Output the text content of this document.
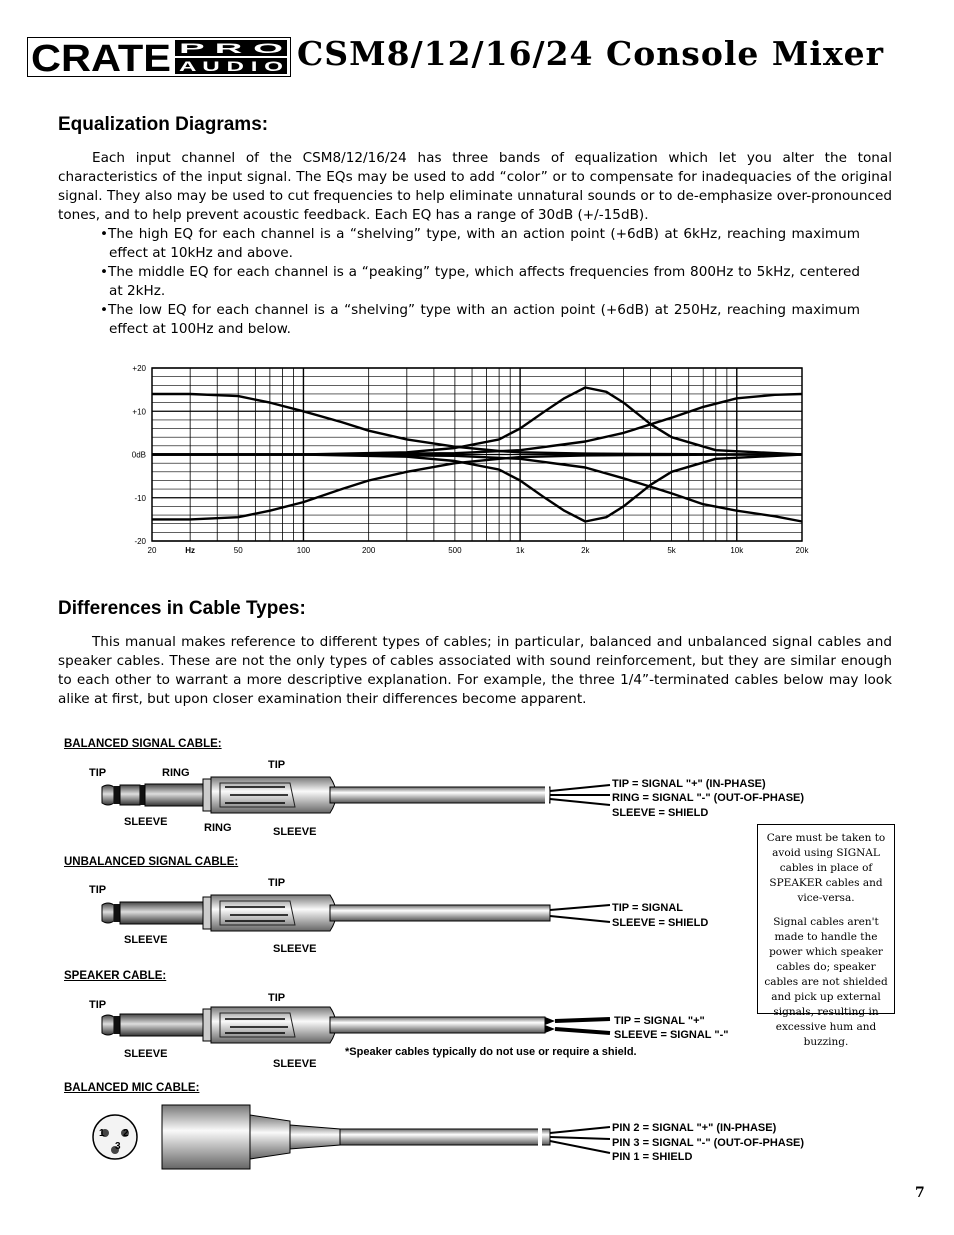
CRATE P R O
A U D I O CSM8/12/16/24 Console Mixer
Equalization Diagrams:

Each input channel of the CSM8/12/16/24 has three bands of equalization which let you alter the tonal characteristics of the input signal. The EQs may be used to add “color” or to compensate for inadequacies of the original signal. They also may be used to cut frequencies to help eliminate unnatural sounds or to de-emphasize over-pronounced tones, and to help prevent acoustic feedback. Each EQ has a range of 30dB (+/-15dB).

•The high EQ for each channel is a “shelving” type, with an action point (+6dB) at 6kHz, reaching maximum effect at 10kHz and above.

•The middle EQ for each channel is a “peaking” type, which affects frequencies from 800Hz to 5kHz, centered at 2kHz.

•The low EQ for each channel is a “shelving” type with an action point (+6dB) at 250Hz, reaching maximum effect at 100Hz and below.

+20
+10
0dB
-10
-20
20	50	100	200	500	1k	2k	5k	10k	20k
Hz
Differences in Cable Types:

This manual makes reference to different types of cables; in particular, balanced and unbalanced signal cables and speaker cables. These are not the only types of cables associated with sound reinforcement, but they are similar enough to each other to warrant a more descriptive explanation. For example, the three 1/4”-terminated cables below may look alike at first, but upon closer examination their differences become apparent.

BALANCED SIGNAL CABLE:
UNBALANCED SIGNAL CABLE:
SPEAKER CABLE:
BALANCED MIC CABLE:
1 2
3
TIP	RING
SLEEVE
TIP
RING	SLEEVE
TIP = SIGNAL "+" (IN-PHASE)
RING = SIGNAL "-" (OUT-OF-PHASE)
SLEEVE = SHIELD
TIP
SLEEVE
TIP
SLEEVE
TIP = SIGNAL
SLEEVE = SHIELD
TIP
SLEEVE
TIP
SLEEVE
TIP = SIGNAL "+"
SLEEVE = SIGNAL "-"
*Speaker cables typically do not use or require a shield.
PIN 2 = SIGNAL "+" (IN-PHASE)
PIN 3 = SIGNAL "-" (OUT-OF-PHASE)
PIN 1 = SHIELD

Care must be taken to avoid using SIGNAL cables in place of SPEAKER cables and vice-versa.

Signal cables aren't made to handle the power which speaker cables do; speaker cables are not shielded and pick up external signals, resulting in excessive hum and buzzing.

7
